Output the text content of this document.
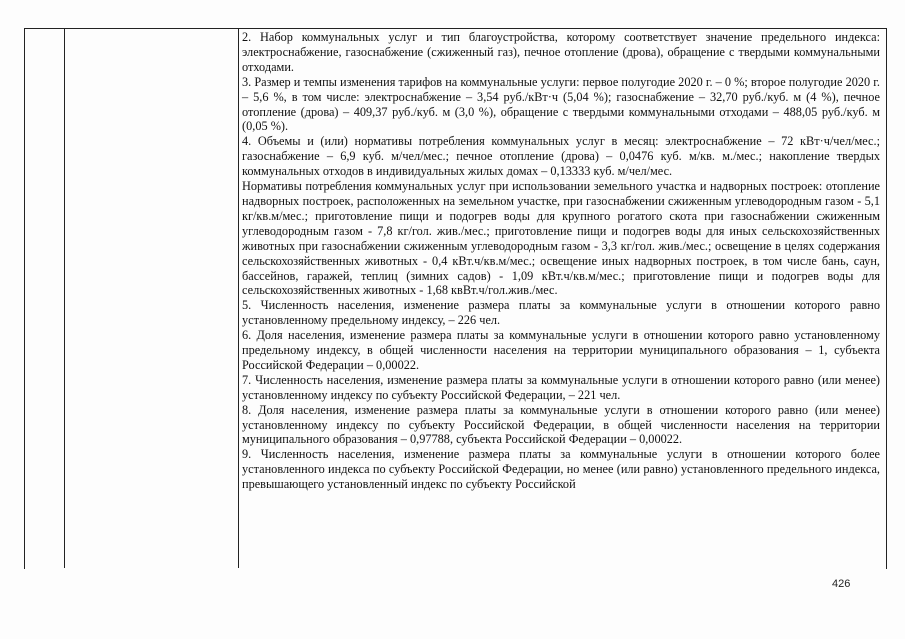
2. Набор коммунальных услуг и тип благоустройства, которому соответствует значение предельного индекса: электроснабжение, газоснабжение (сжиженный газ), печное отопление (дрова), обращение с твердыми коммунальными отходами.

3. Размер и темпы изменения тарифов на коммунальные услуги: первое полугодие 2020 г. – 0 %; второе полугодие 2020 г. – 5,6 %, в том числе: электроснабжение – 3,54 руб./кВт·ч (5,04 %); газоснабжение – 32,70 руб./куб. м (4 %), печное отопление (дрова) – 409,37 руб./куб. м (3,0 %), обращение с твердыми коммунальными отходами – 488,05 руб./куб. м (0,05 %).

4. Объемы и (или) нормативы потребления коммунальных услуг в месяц: электроснабжение – 72 кВт·ч/чел/мес.; газоснабжение – 6,9 куб. м/чел/мес.; печное отопление (дрова) – 0,0476 куб. м/кв. м./мес.; накопление твердых коммунальных отходов в индивидуальных жилых домах – 0,13333 куб. м/чел/мес.

Нормативы потребления коммунальных услуг при использовании земельного участка и надворных построек: отопление надворных построек, расположенных на земельном участке, при газоснабжении сжиженным углеводородным газом - 5,1 кг/кв.м/мес.; приготовление пищи и подогрев воды для крупного рогатого скота при газоснабжении сжиженным углеводородным газом - 7,8 кг/гол. жив./мес.; приготовление пищи и подогрев воды для иных сельскохозяйственных животных при газоснабжении сжиженным углеводородным газом - 3,3 кг/гол. жив./мес.; освещение в целях содержания сельскохозяйственных животных - 0,4 кВт.ч/кв.м/мес.; освещение иных надворных построек, в том числе бань, саун, бассейнов, гаражей, теплиц (зимних садов) - 1,09 кВт.ч/кв.м/мес.; приготовление пищи и подогрев воды для сельскохозяйственных животных - 1,68 квВт.ч/гол.жив./мес.

5. Численность населения, изменение размера платы за коммунальные услуги в отношении которого равно установленному предельному индексу, – 226 чел.

6. Доля населения, изменение размера платы за коммунальные услуги в отношении которого равно установленному предельному индексу, в общей численности населения на территории муниципального образования – 1, субъекта Российской Федерации – 0,00022.

7. Численность населения, изменение размера платы за коммунальные услуги в отношении которого равно (или менее) установленному индексу по субъекту Российской Федерации, – 221 чел.

8. Доля населения, изменение размера платы за коммунальные услуги в отношении которого равно (или менее) установленному индексу по субъекту Российской Федерации, в общей численности населения на территории муниципального образования – 0,97788, субъекта Российской Федерации – 0,00022.

9. Численность населения, изменение размера платы за коммунальные услуги в отношении которого более установленного индекса по субъекту Российской Федерации, но менее (или равно) установленного предельного индекса, превышающего установленный индекс по субъекту Российской

426
